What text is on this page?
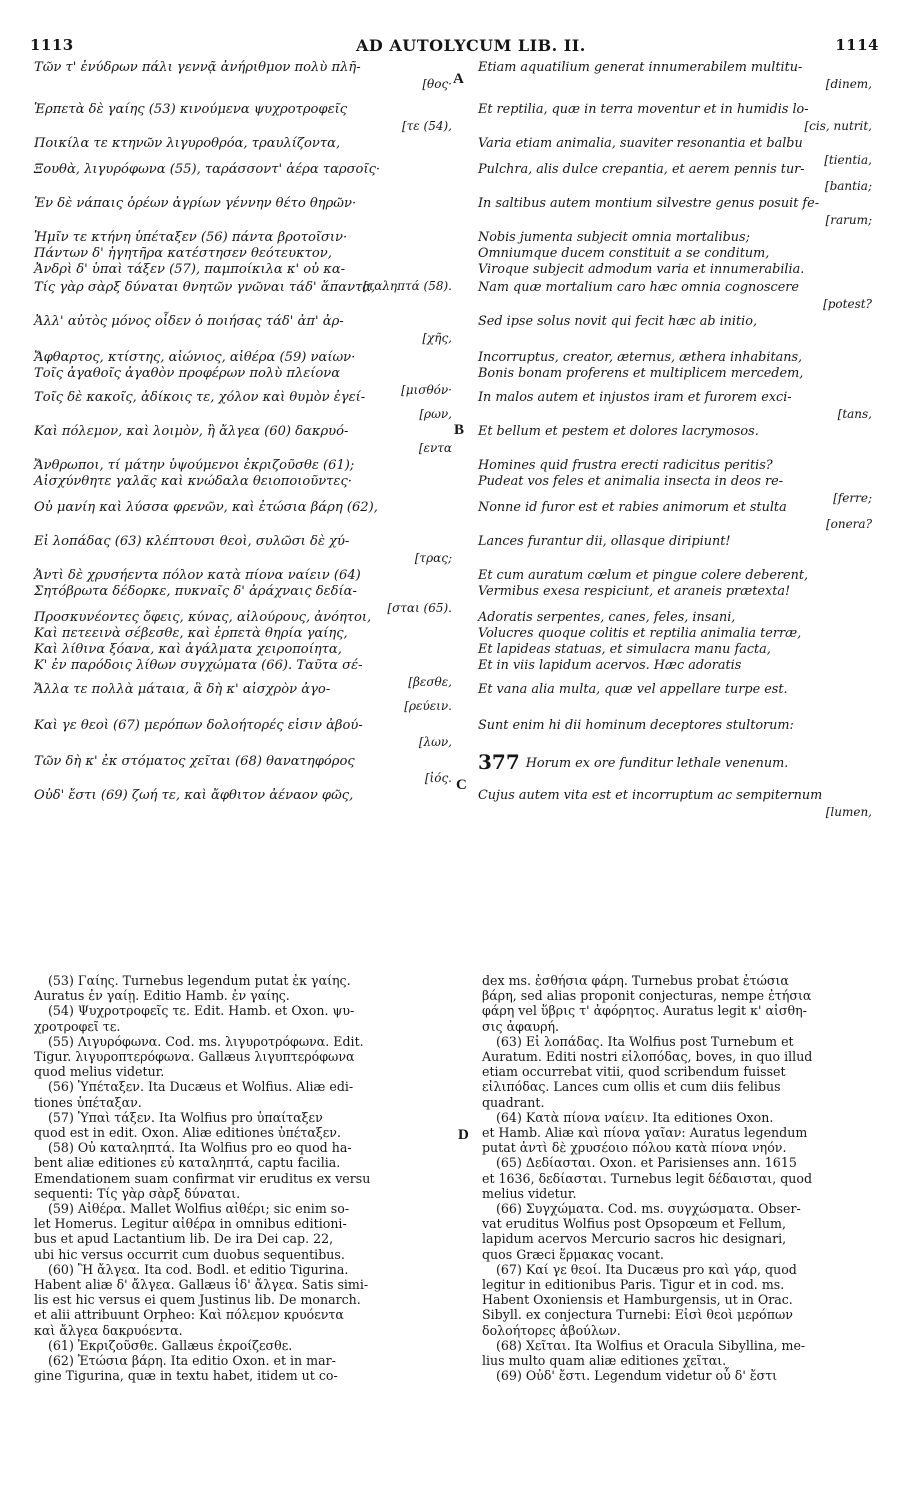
1113	AD AUTOLYCUM LIB. II.	1114
Τῶν τ' ἐνύδρων πάλι γεννᾷ ἀνήριθμον πολὺ πλῆ-
[θος·
Ἑρπετὰ δὲ γαίης (53) κινούμενα ψυχροτροφεῖς
[τε (54),
Ποικίλα τε κτηνῶν λιγυροθρόα, τραυλίζοντα,
Ξουθὰ, λιγυρόφωνα (55), ταράσσοντ' ἀέρα ταρσοῖς·
Ἐν δὲ νάπαις ὀρέων ἀγρίων γέννην θέτο θηρῶν·
Ἡμῖν τε κτήνη ὑπέταξεν (56) πάντα βροτοῖσιν·
Πάντων δ' ἡγητῆρα κατέστησεν θεότευκτον,
Ἀνδρὶ δ' ὑπαὶ τάξεν (57), παμποίκιλα κ' οὐ κα-
[ταληπτά (58).
Τίς γὰρ σὰρξ δύναται θνητῶν γνῶναι τάδ' ἅπαντα,
Ἀλλ' αὐτὸς μόνος οἶδεν ὁ ποιήσας τάδ' ἀπ' ἀρ-
[χῆς,
Ἄφθαρτος, κτίστης, αἰώνιος, αἰθέρα (59) ναίων·
Τοῖς ἀγαθοῖς ἀγαθὸν προφέρων πολὺ πλείονα
[μισθόν·
Τοῖς δὲ κακοῖς, ἀδίκοις τε, χόλον καὶ θυμὸν ἐγεί-
[ρων,
Καὶ πόλεμον, καὶ λοιμὸν, ἢ ἄλγεα (60) δακρυό-
[εντα
Ἄνθρωποι, τί μάτην ὑψούμενοι ἐκριζοῦσθε (61);
Αἰσχύνθητε γαλᾶς καὶ κνώδαλα θειοποιοῦντες·
Οὐ μανίη καὶ λύσσα φρενῶν, καὶ ἐτώσια βάρη (62),
Εἰ λοπάδας (63) κλέπτουσι θεοὶ, συλῶσι δὲ χύ-
[τρας;
Ἀντὶ δὲ χρυσήεντα πόλον κατὰ πίονα ναίειν (64)
Σητόβρωτα δέδορκε, πυκναῖς δ' ἀράχναις δεδία-
[σται (65).
Προσκυνέοντες ὄφεις, κύνας, αἰλούρους, ἀνόητοι,
Καὶ πετεεινὰ σέβεσθε, καὶ ἑρπετὰ θηρία γαίης,
Καὶ λίθινα ξόανα, καὶ ἀγάλματα χειροποίητα,
Κ' ἐν παρόδοις λίθων συγχώματα (66). Ταῦτα σέ-
[βεσθε,
Ἄλλα τε πολλὰ μάταια, ἃ δὴ κ' αἰσχρὸν ἀγο-
[ρεύειν.
Καὶ γε θεοὶ (67) μερόπων δολοήτορές εἰσιν ἀβού-
[λων,
Τῶν δὴ κ' ἐκ στόματος χεῖται (68) θανατηφόρος
[ἰός.
Οὐδ' ἔστι (69) ζωή τε, καὶ ἄφθιτον ἀέναον φῶς,
Etiam aquatilium generat innumerabilem multitu-
[dinem,
Et reptilia, quæ in terra moventur et in humidis lo-
[cis, nutrit,
Varia etiam animalia, suaviter resonantia et balbu
[tientia,
Pulchra, alis dulce crepantia, et aerem pennis tur-
[bantia;
In saltibus autem montium silvestre genus posuit fe-
[rarum;
Nobis jumenta subjecit omnia mortalibus;
Omniumque ducem constituit a se conditum,
Viroque subjecit admodum varia et innumerabilia.
Nam quæ mortalium caro hæc omnia cognoscere
[potest?
Sed ipse solus novit qui fecit hæc ab initio,
Incorruptus, creator, æternus, æthera inhabitans,
Bonis bonam proferens et multiplicem mercedem,
In malos autem et injustos iram et furorem exci-
[tans,
Et bellum et pestem et dolores lacrymosos.
Homines quid frustra erecti radicitus peritis?
Pudeat vos feles et animalia insecta in deos re-
[ferre;
Nonne id furor est et rabies animorum et stulta
[onera?
Lances furantur dii, ollasque diripiunt!
Et cum auratum cœlum et pingue colere deberent,
Vermibus exesa respiciunt, et araneis prætexta!
Adoratis serpentes, canes, feles, insani,
Volucres quoque colitis et reptilia animalia terræ,
Et lapideas statuas, et simulacra manu facta,
Et in viis lapidum acervos. Hæc adoratis
Et vana alia multa, quæ vel appellare turpe est.
Sunt enim hi dii hominum deceptores stultorum:
377 Horum ex ore funditur lethale venenum.
Cujus autem vita est et incorruptum ac sempiternum
[lumen,
A
B
C
D
(53) Γαίης. Turnebus legendum putat ἐκ γαίης.
Auratus ἐν γαίῃ. Editio Hamb. ἐν γαίης.
(54) Ψυχροτροφεῖς τε. Edit. Hamb. et Oxon. ψυ-
χροτροφεῖ τε.
(55) Λιγυρόφωνα. Cod. ms. λιγυροτρόφωνα. Edit.
Tigur. λιγυροπτερόφωνα. Gallæus λιγυπτερόφωνα
quod melius videtur.
(56) Ὑπέταξεν. Ita Ducæus et Wolfius. Aliæ edi-
tiones ὑπέταξαν.
(57) Ὑπαὶ τάξεν. Ita Wolfius pro ὑπαίταξεν
quod est in edit. Oxon. Aliæ editiones ὑπέταξεν.
(58) Οὐ καταληπτά. Ita Wolfius pro eo quod ha-
bent aliæ editiones εὐ καταληπτά, captu facilia.
Emendationem suam confirmat vir eruditus ex versu
sequenti: Τίς γὰρ σὰρξ δύναται.
(59) Αἰθέρα. Mallet Wolfius αἰθέρι; sic enim so-
let Homerus. Legitur αἰθέρα in omnibus editioni-
bus et apud Lactantium lib. De ira Dei cap. 22,
ubi hic versus occurrit cum duobus sequentibus.
(60) Ἢ ἄλγεα. Ita cod. Bodl. et editio Tigurina.
Habent aliæ δ' ἄλγεα. Gallæus ἰδ' ἄλγεα. Satis simi-
lis est hic versus ei quem Justinus lib. De monarch.
et alii attribuunt Orpheo: Καὶ πόλεμον κρυόεντα
καὶ ἄλγεα δακρυόεντα.
(61) Ἐκριζοῦσθε. Gallæus ἐκροίζεσθε.
(62) Ἐτώσια βάρη. Ita editio Oxon. et in mar-
gine Tigurina, quæ in textu habet, itidem ut co-
dex ms. ἐσθήσια φάρη. Turnebus probat ἐτώσια
βάρη, sed alias proponit conjecturas, nempe ἐτήσια
φάρη vel ὕβρις τ' ἀφόρητος. Auratus legit κ' αἰσθη-
σις ἀφαυρή.
(63) Εἰ λοπάδας. Ita Wolfius post Turnebum et
Auratum. Editi nostri εἰλοπόδας, boves, in quo illud
etiam occurrebat vitii, quod scribendum fuisset
εἰλιπόδας. Lances cum ollis et cum diis felibus
quadrant.
(64) Κατὰ πίονα ναίειν. Ita editiones Oxon.
et Hamb. Aliæ καὶ πίονα γαῖαν: Auratus legendum
putat ἀντὶ δὲ χρυσέοιο πόλου κατὰ πίονα νηόν.
(65) Δεδίασται. Oxon. et Parisienses ann. 1615
et 1636, δεδίασται. Turnebus legit δέδαισται, quod
melius videtur.
(66) Συγχώματα. Cod. ms. συγχώσματα. Obser-
vat eruditus Wolfius post Opsopœum et Fellum,
lapidum acervos Mercurio sacros hic designari,
quos Græci ἕρμακας vocant.
(67) Καί γε θεοί. Ita Ducæus pro καὶ γάρ, quod
legitur in editionibus Paris. Tigur et in cod. ms.
Habent Oxoniensis et Hamburgensis, ut in Orac.
Sibyll. ex conjectura Turnebi: Εἰσὶ θεοὶ μερόπων
δολοήτορες ἀβούλων.
(68) Χεῖται. Ita Wolfius et Oracula Sibyllina, me-
lius multo quam aliæ editiones χεῖται.
(69) Οὐδ' ἔστι. Legendum videtur οὗ δ' ἔστι
